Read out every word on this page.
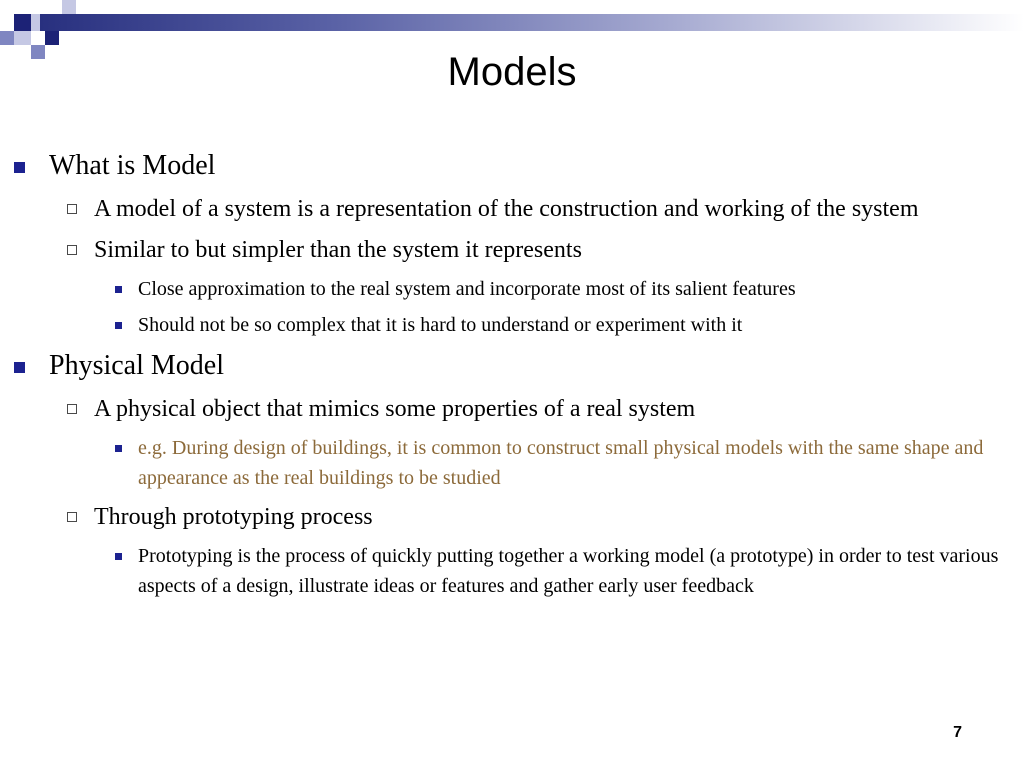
Models
What is Model
A model of a system is a representation of the construction and working of the system
Similar to but simpler than the system it represents
Close approximation to the real system and incorporate most of its salient features
Should not be so complex that it is hard to understand or experiment with it
Physical Model
A physical object that mimics some properties of a real system
e.g. During design of buildings, it is common to construct small physical models with the same shape and appearance as the real buildings to be studied
Through prototyping process
Prototyping is the process of quickly putting together a working model (a prototype) in order to test various aspects of a design, illustrate ideas or features and gather early user feedback
7
